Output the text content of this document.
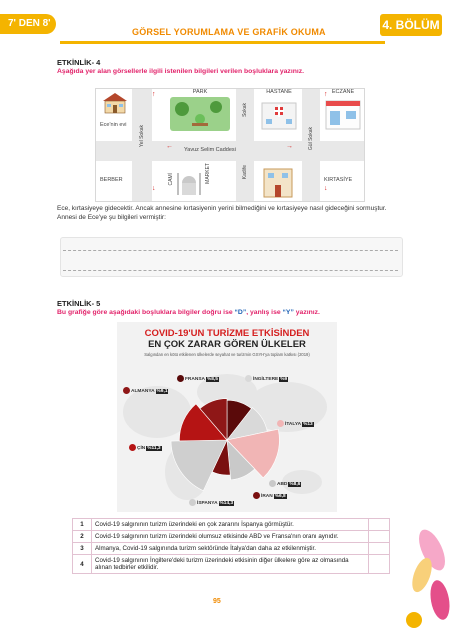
7' DEN 8' E
GÖRSEL YORUMLAMA VE GRAFİK OKUMA	4. BÖLÜM
ETKİNLİK- 4
Aşağıda yer alan görsellerle ilgili istenilen bilgileri verilen boşluklara yazınız.
Yavuz Selim Caddesi
Yel Sokak
Sokak
Kadife
Gül Sokak
↑
↓
↑
↓
←	→
Ece'nin evi
PARK	HASTANE	ECZANE
BERBER	CAMİ	MARKET	KIRTASİYE
Ece, kırtasiyeye gidecektir. Ancak annesine kırtasiyenin yerini bilmediğini ve kırtasiyeye nasıl gideceğini sormuştur. Annesi de Ece'ye şu bilgileri vermiştir:
ETKİNLİK- 5
Bu grafiğe göre aşağıdaki boşluklara bilgiler doğru ise “D”, yanlış ise “Y” yazınız.
COVID-19'UN TURİZME ETKİSİNDEN
EN ÇOK ZARAR GÖREN ÜLKELER
Salgından en kötü etkilenen ülkelerde seyahat ve turizmin GSYH'ya toplam katkısı (2019)
FRANSA %8,5	İNGİLTERE %9
İTALYA %13
ABD %8,6
İRAN %6,8
İSPANYA %14,3
ÇİN %11,3
ALMANYA %9,1
1	Covid-19 salgınının turizm üzerindeki en çok zararını İspanya görmüştür.	
2	Covid-19 salgınının turizm üzerindeki olumsuz etkisinde ABD ve Fransa'nın oranı aynıdır.	
3	Almanya, Covid-19 salgınında turizm sektöründe İtalya'dan daha az etkilenmiştir.	
4	Covid-19 salgınının İngiltere'deki turizm üzerindeki etkisinin diğer ülkelere göre az olmasında alınan tedbirler etkilidir.	
95
